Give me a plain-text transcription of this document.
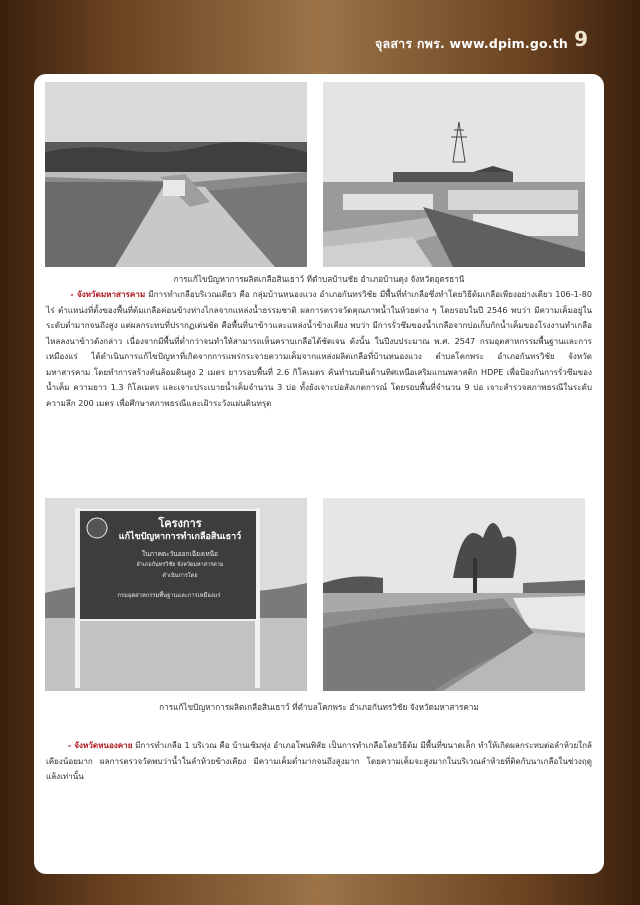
จุลสาร กพร. www.dpim.go.th 9
การแก้ไขปัญหาการผลิตเกลือสินเธาว์ ที่ตำบลบ้านชัย อำเภอบ้านดุง จังหวัดอุดรธานี
- จังหวัดมหาสารคาม มีการทำเกลือบริเวณเดียว คือ กลุ่มบ้านหนองแวง อำเภอกันทรวิชัย มีพื้นที่ทำเกลือซึ่งทำโดยวิธีต้มเกลือเพียงอย่างเดียว 106-1-80 ไร่ ตำแหน่งที่ตั้งของพื้นที่ต้มเกลือค่อนข้างห่างไกลจากแหล่งน้ำธรรมชาติ ผลการตรวจวัดคุณภาพน้ำในห้วยต่าง ๆ โดยรอบในปี 2546 พบว่า มีความเค็มอยู่ในระดับต่ำมากจนถึงสูง แต่ผลกระทบที่ปรากฏเด่นชัด คือพื้นที่นาข้าวและแหล่งน้ำข้างเคียง พบว่า มีการรั่วซึมของน้ำเกลือจากบ่อเก็บกักน้ำเค็มของโรงงานทำเกลือไหลลงนาข้าวดังกล่าว เนื่องจากมีพื้นที่ต่ำกว่าจนทำให้สามารถเห็นคราบเกลือได้ชัดเจน ดังนั้น ในปีงบประมาณ พ.ศ. 2547 กรมอุตสาหกรรมพื้นฐานและการเหมืองแร่ ได้ดำเนินการแก้ไขปัญหาที่เกิดจากการแพร่กระจายความเค็มจากแหล่งผลิตเกลือที่บ้านหนองแวง ตำบลโคกพระ อำเภอกันทรวิชัย จังหวัดมหาสารคาม โดยทำการสร้างคันล้อมดินสูง 2 เมตร ยาวรอบพื้นที่ 2.6 กิโลเมตร คันทำนบดินด้านทิศเหนือเสริมแกนพลาสติก HDPE เพื่อป้องกันการรั่วซึมของน้ำเค็ม ความยาว 1.3 กิโลเมตร และเจาะประเบายน้ำเค็มจำนวน 3 บ่อ ทั้งยังเจาะบ่อสังเกตการณ์ โดยรอบพื้นที่จำนวน 9 บ่อ เจาะสำรวจสภาพธรณีในระดับความลึก 200 เมตร เพื่อศึกษาสภาพธรณีและเฝ้าระวังแผ่นดินทรุด
โครงการ
แก้ไขปัญหาการทำเกลือสินเธาว์
ในภาคตะวันออกเฉียงเหนือ
อำเภอกันทรวิชัย จังหวัดมหาสารคาม
ดำเนินการโดย
กรมอุตสาหกรรมพื้นฐานและการเหมืองแร่
การแก้ไขปัญหาการผลิตเกลือสินเธาว์ ที่ตำบลโคกพระ อำเภอกันทรวิชัย จังหวัดมหาสารคาม
- จังหวัดหนองคาย มีการทำเกลือ 1 บริเวณ คือ บ้านเซิมทุ่ง อำเภอโพนพิสัย เป็นการทำเกลือโดยวิธีต้ม มีพื้นที่ขนาดเล็ก ทำให้เกิดผลกระทบต่อลำห้วยใกล้เคียงน้อยมาก ผลการตรวจวัดพบว่าน้ำในลำห้วยข้างเคียง มีความเค็มต่ำมากจนถึงสูงมาก โดยความเค็มจะสูงมากในบริเวณลำห้วยที่ติดกับนาเกลือในช่วงฤดูแล้งเท่านั้น
